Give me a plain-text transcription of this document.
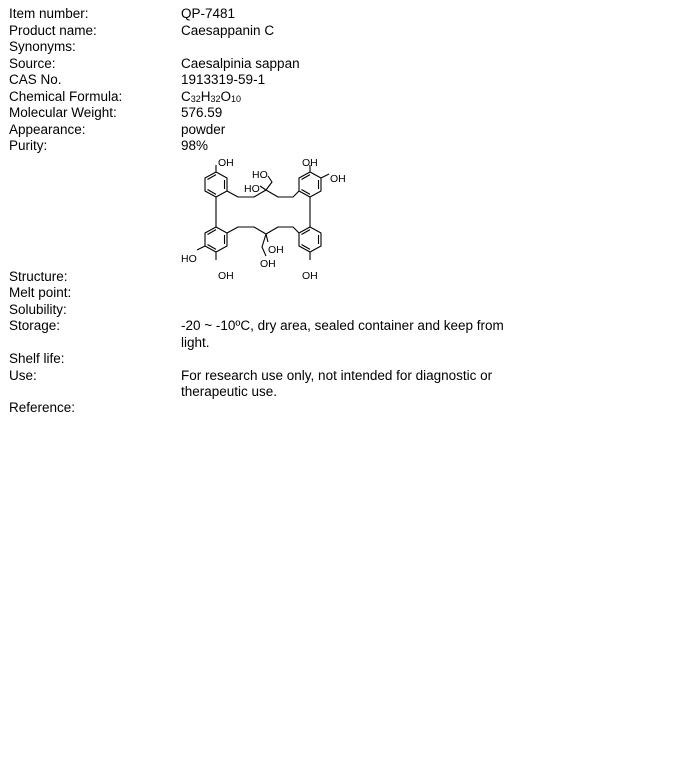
Item number:	QP-7481
Product name:	Caesappanin C
Synonyms:
Source:	Caesalpinia sappan
CAS No.	1913319-59-1
Chemical Formula:	$C_{32}H_{32}O_{10}$
Molecular Weight:	576.59
Appearance:	powder
Purity:	98%
OH	OH
OH
HO
HO
HO
OH
OH
OH
OH
Structure:
Melt point:
Solubility:
Storage:	-20 ~ -10ºC, dry area, sealed container and keep from light.
Shelf life:
Use:	For research use only, not intended for diagnostic or therapeutic use.
Reference:
